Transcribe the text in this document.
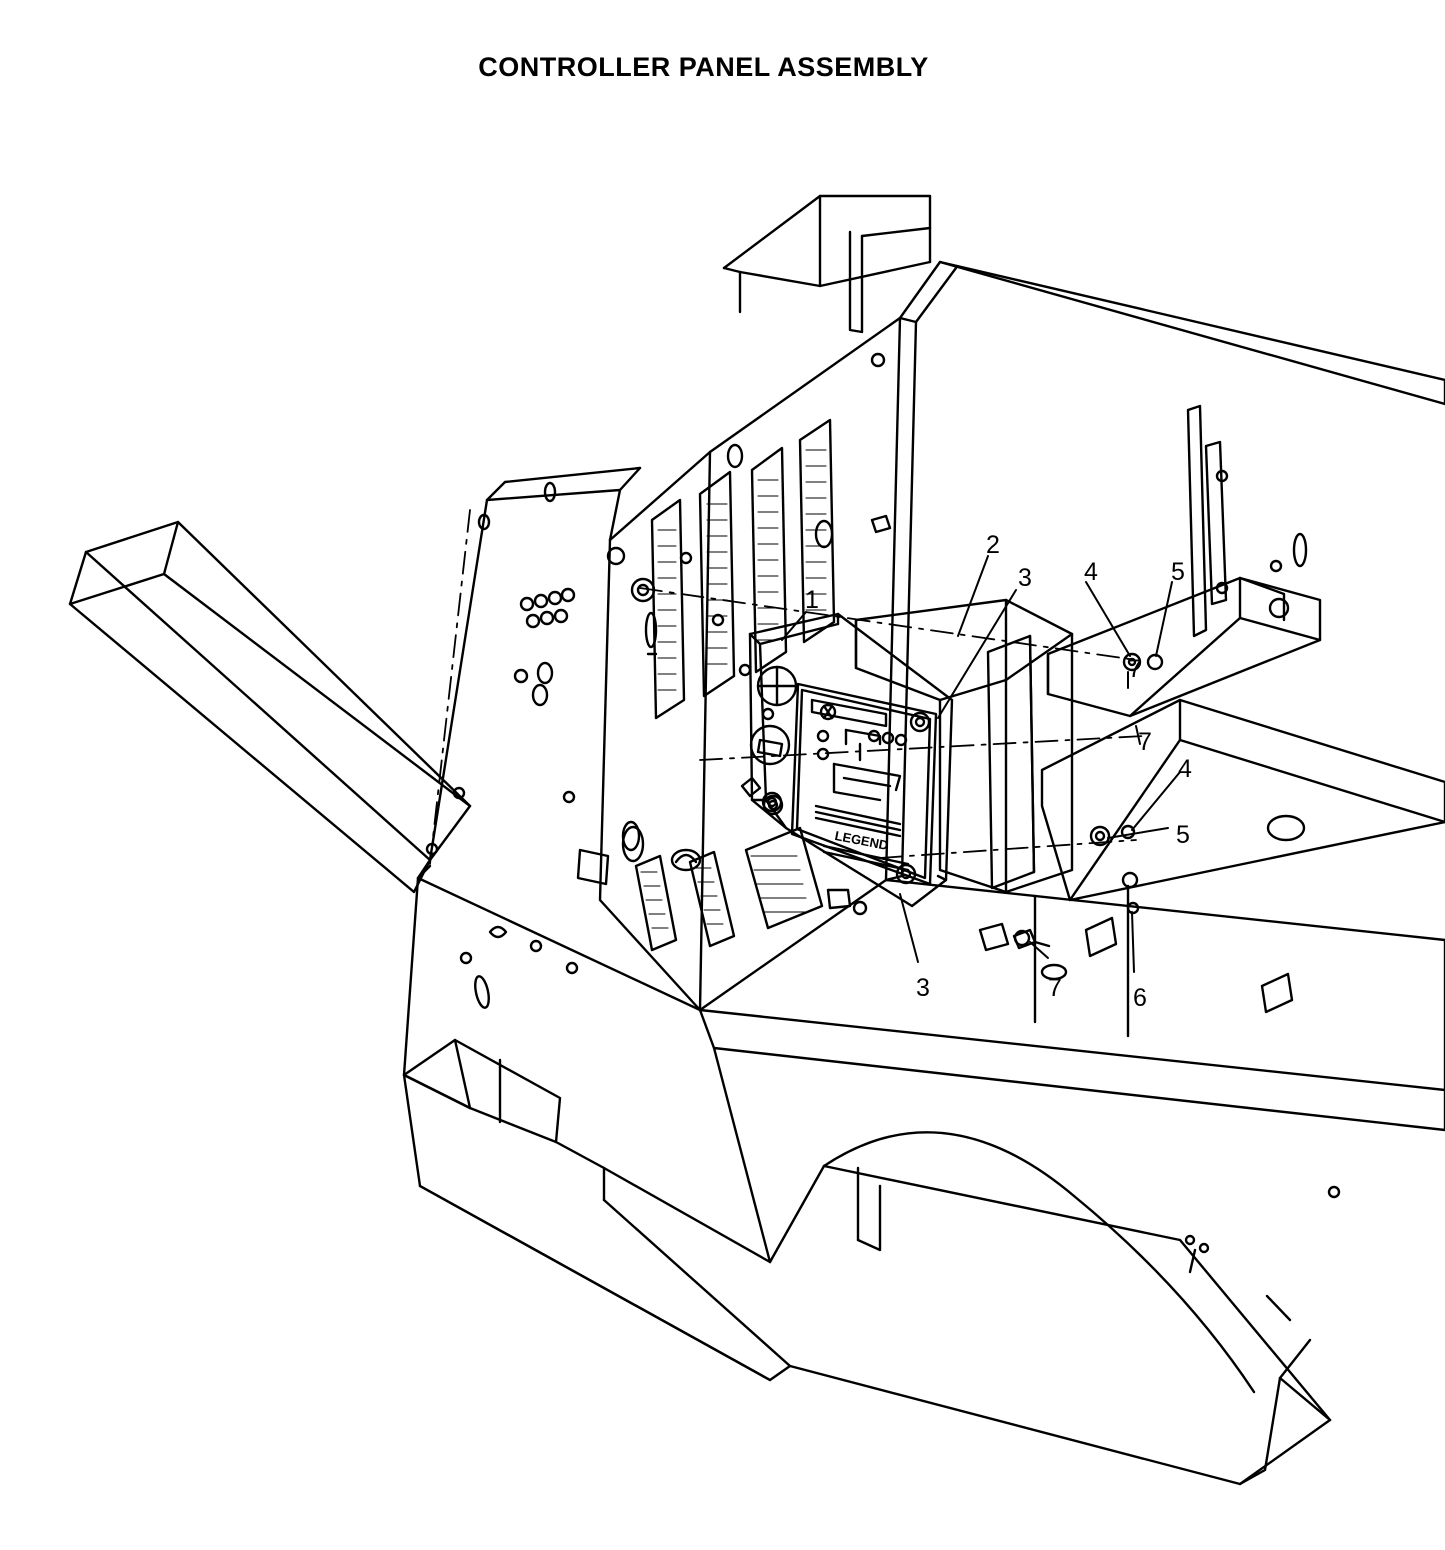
CONTROLLER PANEL ASSEMBLY
LEGEND
1
2
3 4	5
7
7
4
5
3	7	6
